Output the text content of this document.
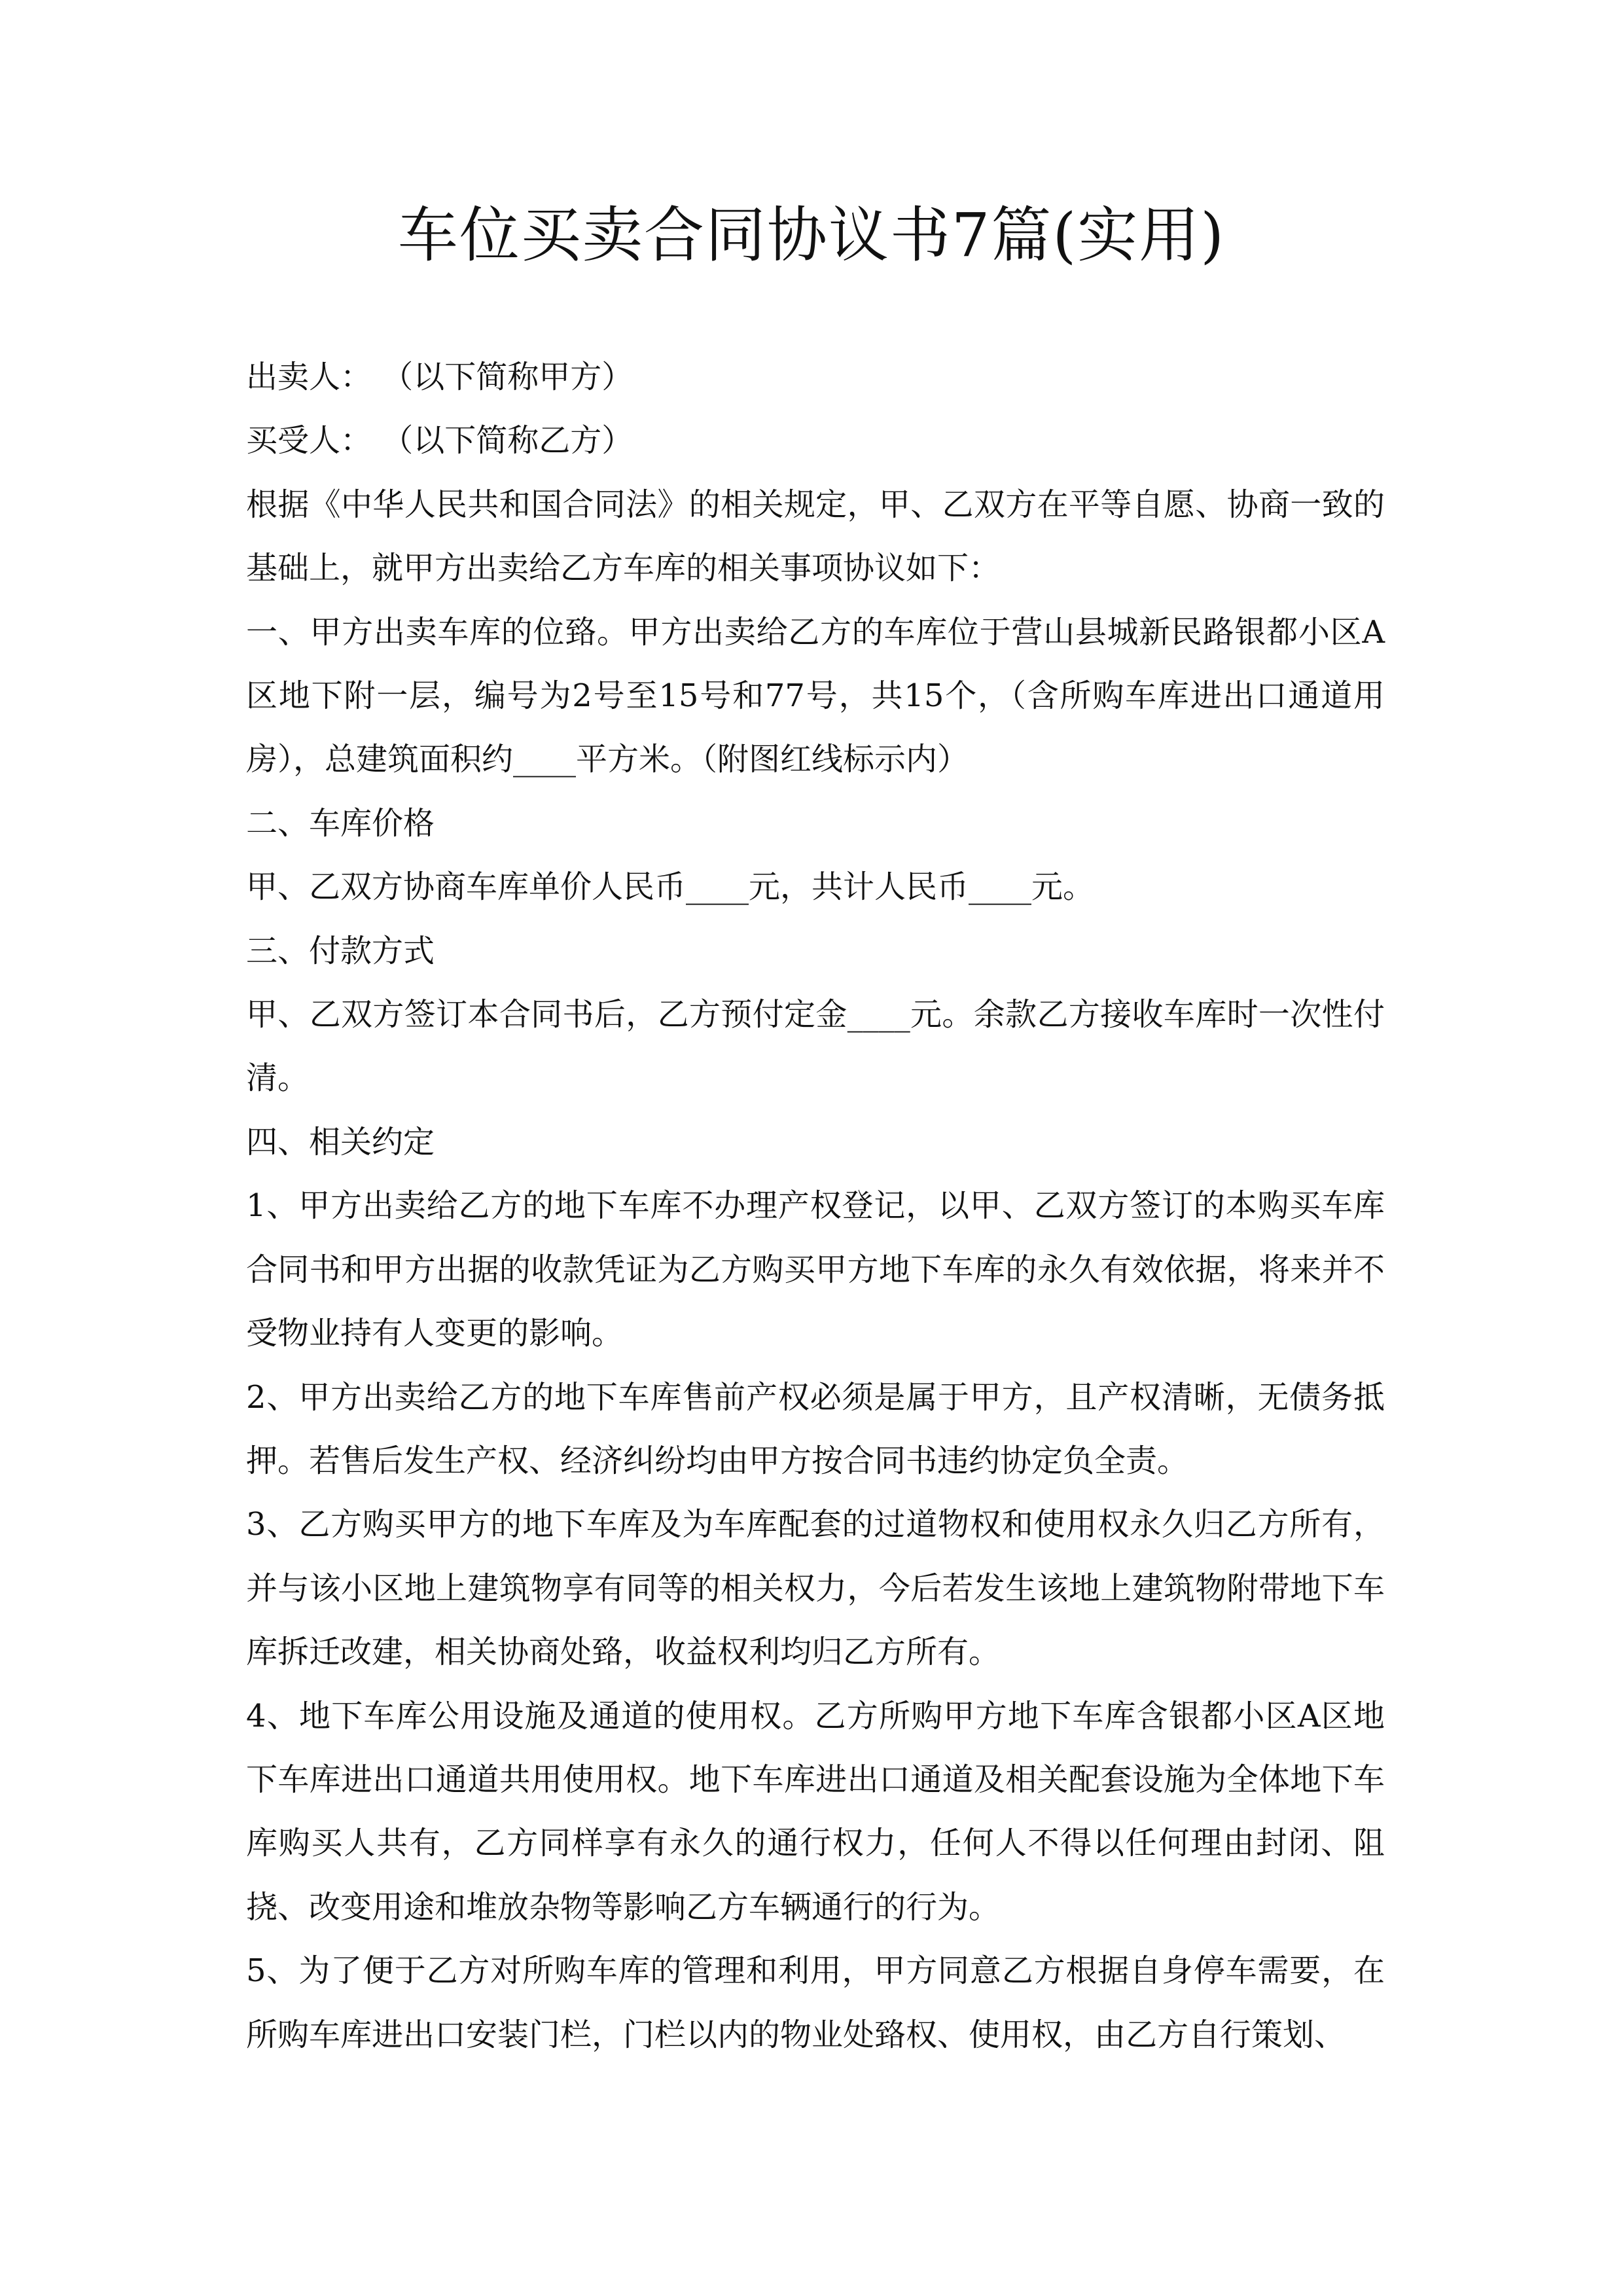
车位买卖合同协议书7篇(实用)

出卖人： （以下简称甲方）

买受人： （以下简称乙方）

根据《中华人民共和国合同法》的相关规定，甲、乙双方在平等自愿、协商一致的基础上，就甲方出卖给乙方车库的相关事项协议如下：

一、甲方出卖车库的位臵。甲方出卖给乙方的车库位于营山县城新民路银都小区A区地下附一层，编号为2号至15号和77号，共15个，（含所购车库进出口通道用房），总建筑面积约____平方米。（附图红线标示内）

二、车库价格

甲、乙双方协商车库单价人民币____元，共计人民币____元。

三、付款方式

甲、乙双方签订本合同书后，乙方预付定金____元。余款乙方接收车库时一次性付清。

四、相关约定

1、甲方出卖给乙方的地下车库不办理产权登记，以甲、乙双方签订的本购买车库合同书和甲方出据的收款凭证为乙方购买甲方地下车库的永久有效依据，将来并不受物业持有人变更的影响。

2、甲方出卖给乙方的地下车库售前产权必须是属于甲方，且产权清晰，无债务抵押。若售后发生产权、经济纠纷均由甲方按合同书违约协定负全责。

3、乙方购买甲方的地下车库及为车库配套的过道物权和使用权永久归乙方所有，并与该小区地上建筑物享有同等的相关权力，今后若发生该地上建筑物附带地下车库拆迁改建，相关协商处臵，收益权利均归乙方所有。

4、地下车库公用设施及通道的使用权。乙方所购甲方地下车库含银都小区A区地下车库进出口通道共用使用权。地下车库进出口通道及相关配套设施为全体地下车库购买人共有，乙方同样享有永久的通行权力，任何人不得以任何理由封闭、阻挠、改变用途和堆放杂物等影响乙方车辆通行的行为。

5、为了便于乙方对所购车库的管理和利用，甲方同意乙方根据自身停车需要，在所购车库进出口安装门栏，门栏以内的物业处臵权、使用权，由乙方自行策划、
